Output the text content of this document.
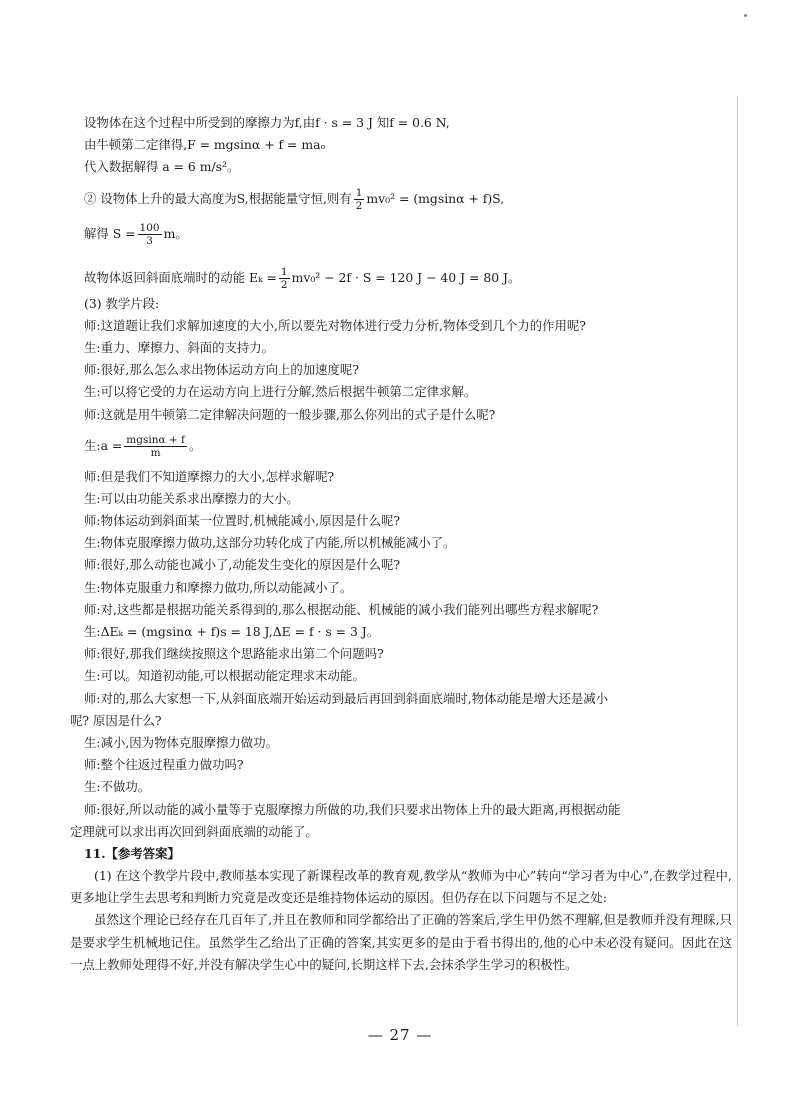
设物体在这个过程中所受到的摩擦力为f,由f · s = 3 J 知f = 0.6 N,
由牛顿第二定律得,F = mgsinα + f = maₒ
代入数据解得 a = 6 m/s²。
② 设物体上升的最大高度为S,根据能量守恒,则有 $\frac{1}{2} mv_0^2 = (mgsin\alpha + f)S$,
解得 $S = \frac{100}{3}$ m。
故物体返回斜面底端时的动能 $E_k = \frac{1}{2} mv_0^2 - 2f \cdot S = 120$ J − 40 J = 80 J。
(3) 教学片段:
师:这道题让我们求解加速度的大小,所以要先对物体进行受力分析,物体受到几个力的作用呢?
生:重力、摩擦力、斜面的支持力。
师:很好,那么怎么求出物体运动方向上的加速度呢?
生:可以将它受的力在运动方向上进行分解,然后根据牛顿第二定律求解。
师:这就是用牛顿第二定律解决问题的一般步骤,那么你列出的式子是什么呢?
生:a = $\frac{mgsin\alpha + f}{m}$ 。
师:但是我们不知道摩擦力的大小,怎样求解呢?
生:可以由功能关系求出摩擦力的大小。
师:物体运动到斜面某一位置时,机械能减小,原因是什么呢?
生:物体克服摩擦力做功,这部分功转化成了内能,所以机械能减小了。
师:很好,那么动能也减小了,动能发生变化的原因是什么呢?
生:物体克服重力和摩擦力做功,所以动能减小了。
师:对,这些都是根据功能关系得到的,那么根据动能、机械能的减小我们能列出哪些方程求解呢?
生:ΔEₖ = (mgsinα + f)s = 18 J,ΔE = f · s = 3 J。
师:很好,那我们继续按照这个思路能求出第二个问题吗?
生:可以。知道初动能,可以根据动能定理求末动能。
师:对的,那么大家想一下,从斜面底端开始运动到最后再回到斜面底端时,物体动能是增大还是减小
呢? 原因是什么?
生:减小,因为物体克服摩擦力做功。
师:整个往返过程重力做功吗?
生:不做功。
师:很好,所以动能的减小量等于克服摩擦力所做的功,我们只要求出物体上升的最大距离,再根据动能
定理就可以求出再次回到斜面底端的动能了。
11.【参考答案】
(1) 在这个教学片段中,教师基本实现了新课程改革的教育观,教学从“教师为中心”转向“学习者为中心”,在教学过程中,更多地让学生去思考和判断力究竟是改变还是维持物体运动的原因。但仍存在以下问题与不足之处:
虽然这个理论已经存在几百年了,并且在教师和同学都给出了正确的答案后,学生甲仍然不理解,但是教师并没有理睬,只是要求学生机械地记住。虽然学生乙给出了正确的答案,其实更多的是由于看书得出的,他的心中未必没有疑问。因此在这一点上教师处理得不好,并没有解决学生心中的疑问,长期这样下去,会抹杀学生学习的积极性。
— 27 —
